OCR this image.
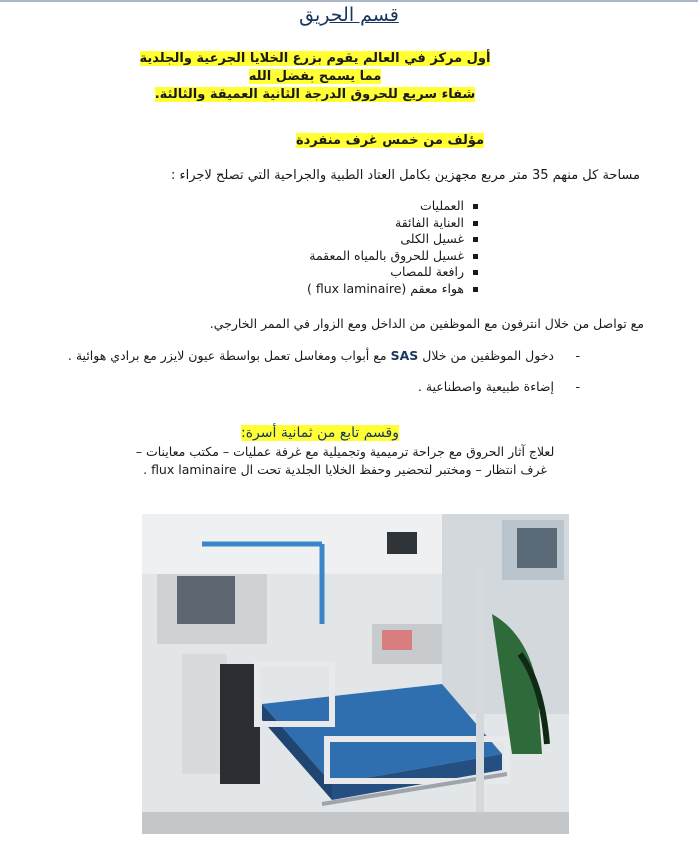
قسم الحريق
أول مركز في العالم يقوم بزرع الخلايا الجرعية والجلدية
مما يسمح بفضل الله
شفاء سريع للحروق الدرجة الثانية العميقة والثالثة.
مؤلف من خمس غرف منفردة
مساحة كل منهم 35 متر مربع مجهزين بكامل العتاد الطبية والجراحية التي تصلح لاجراء :
العمليات
العناية الفائقة
غسيل الكلى
غسيل للحروق بالمياه المعقمة
رافعة للمصاب
هواء معقم (flux laminaire )
مع تواصل من خلال انترفون مع الموظفين من الداخل ومع الزوار في الممر الخارجي.
-دخول الموظفين من خلال SAS مع أبواب ومغاسل تعمل بواسطة عيون لايزر مع برادي هوائية .
-إضاءة طبيعية واصطناعية .
وقسم تابع من ثمانية أسرة:
لعلاج آثار الحروق مع جراحة ترميمية وتجميلية مع غرفة عمليات – مكتب معاينات –
غرف انتظار – ومختبر لتحضير وحفظ الخلايا الجلدية تحت ال flux laminaire .
